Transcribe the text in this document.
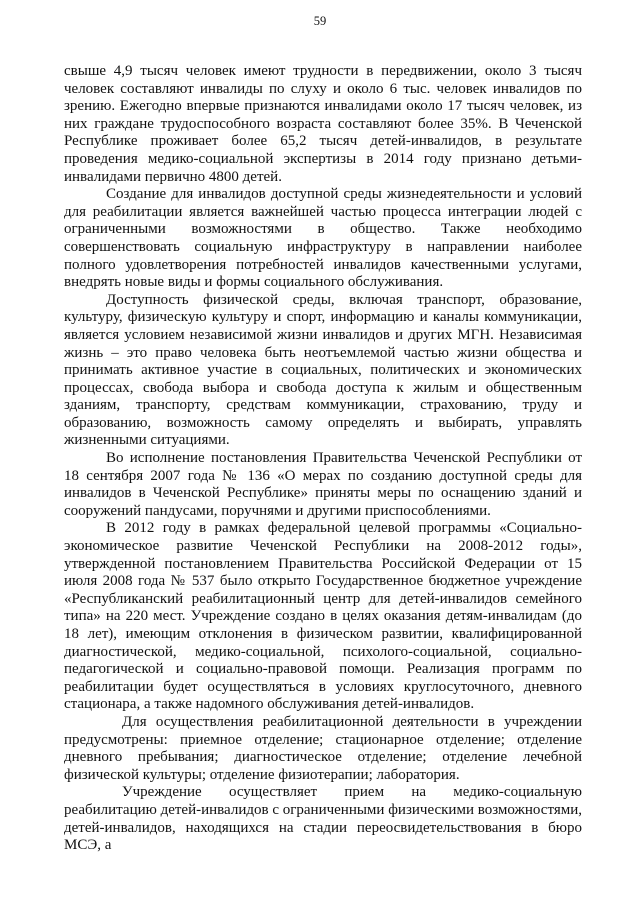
59

свыше 4,9 тысяч человек имеют трудности в передвижении, около 3 тысяч человек составляют инвалиды по слуху и около 6 тыс. человек инвалидов по зрению. Ежегодно впервые признаются инвалидами около 17 тысяч человек, из них граждане трудоспособного возраста составляют более 35%. В Чеченской Республике проживает более 65,2 тысяч детей-инвалидов, в результате проведения медико-социальной экспертизы в 2014 году признано детьми-инвалидами первично 4800 детей.

Создание для инвалидов доступной среды жизнедеятельности и условий для реабилитации является важнейшей частью процесса интеграции людей с ограниченными возможностями в общество. Также необходимо совершенствовать социальную инфраструктуру в направлении наиболее полного удовлетворения потребностей инвалидов качественными услугами, внедрять новые виды и формы социального обслуживания.

Доступность физической среды, включая транспорт, образование, культуру, физическую культуру и спорт, информацию и каналы коммуникации, является условием независимой жизни инвалидов и других МГН. Независимая жизнь – это право человека быть неотъемлемой частью жизни общества и принимать активное участие в социальных, политических и экономических процессах, свобода выбора и свобода доступа к жилым и общественным зданиям, транспорту, средствам коммуникации, страхованию, труду и образованию, возможность самому определять и выбирать, управлять жизненными ситуациями.

Во исполнение постановления Правительства Чеченской Республики от 18 сентября 2007 года № 136 «О мерах по созданию доступной среды для инвалидов в Чеченской Республике» приняты меры по оснащению зданий и сооружений пандусами, поручнями и другими приспособлениями.

В 2012 году в рамках федеральной целевой программы «Социально-экономическое развитие Чеченской Республики на 2008-2012 годы», утвержденной постановлением Правительства Российской Федерации от 15 июля 2008 года № 537 было открыто Государственное бюджетное учреждение «Республиканский реабилитационный центр для детей-инвалидов семейного типа» на 220 мест. Учреждение создано в целях оказания детям-инвалидам (до 18 лет), имеющим отклонения в физическом развитии, квалифицированной диагностической, медико-социальной, психолого-социальной, социально-педагогической и социально-правовой помощи. Реализация программ по реабилитации будет осуществляться в условиях круглосуточного, дневного стационара, а также надомного обслуживания детей-инвалидов.

Для осуществления реабилитационной деятельности в учреждении предусмотрены: приемное отделение; стационарное отделение; отделение дневного пребывания; диагностическое отделение; отделение лечебной физической культуры; отделение физиотерапии; лаборатория.

Учреждение осуществляет прием на медико-социальную реабилитацию детей-инвалидов с ограниченными физическими возможностями, детей-инвалидов, находящихся на стадии переосвидетельствования в бюро МСЭ, а
